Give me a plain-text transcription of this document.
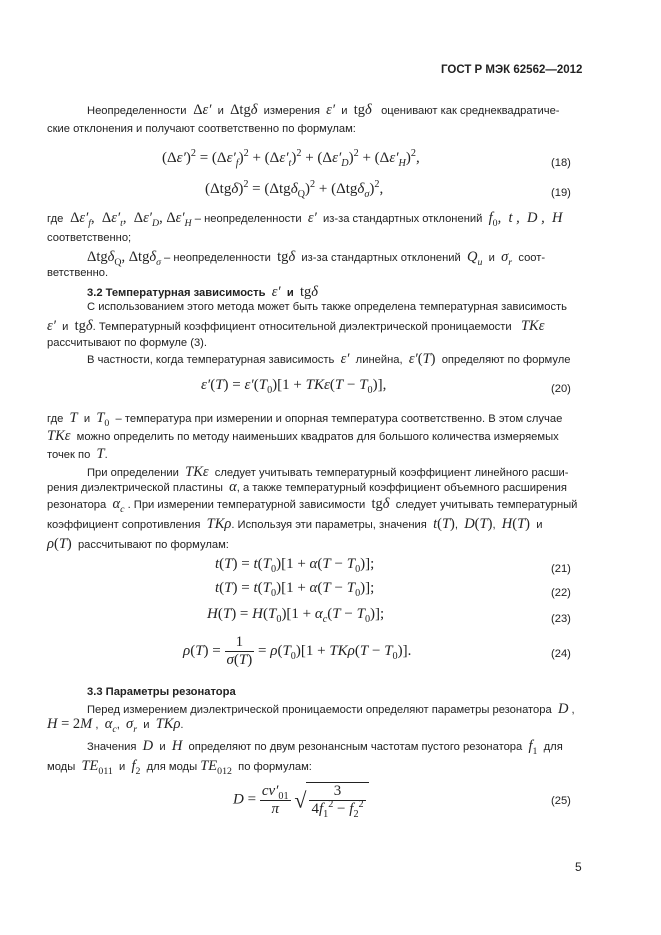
ГОСТ Р МЭК 62562—2012
Неопределенности  Δε′ и Δtgδ измерения ε′ и tgδ оценивают как среднеквадратиче-
ские отклонения и получают соответственно по формулам:
$(\Delta\varepsilon')^2 = (\Delta\varepsilon'_f)^2 + (\Delta\varepsilon'_t)^2 + (\Delta\varepsilon'_D)^2 + (\Delta\varepsilon'_H)^2$,	(18)
$(\Delta tg\delta)^2 = (\Delta tg\delta_Q)^2 + (\Delta tg\delta_\sigma)^2$,	(19)
где  $\Delta\varepsilon'_f$,  $\Delta\varepsilon'_t$,  $\Delta\varepsilon'_D$, $\Delta\varepsilon'_H$ – неопределенности ε′ из-за стандартных отклонений $f_0$,  t ,  D ,  H
соответственно;
Δtgδ$_Q$, Δtgδ$_\sigma$ – неопределенности tgδ из-за стандартных отклонений $Q_u$ и $\sigma_r$ соот-
ветственно.
3.2 Температурная зависимость ε′ и tgδ
С использованием этого метода может быть также определена температурная зависимость
ε′ и tgδ. Температурный коэффициент относительной диэлектрической проницаемости TKε
рассчитывают по формуле (3).
В частности, когда температурная зависимость ε′ линейна, ε′(T) определяют по формуле
$\varepsilon'(T) = \varepsilon'(T_0)[1 + TK\varepsilon(T - T_0)]$,	(20)
где T и $T_0$ – температура при измерении и опорная температура соответственно. В этом случае
TKε можно определить по методу наименьших квадратов для большого количества измеряемых
точек по T.
При определении TKε следует учитывать температурный коэффициент линейного расши-
рения диэлектрической пластины α, а также температурный коэффициент объемного расширения
резонатора $\alpha_c$ . При измерении температурной зависимости tgδ следует учитывать температурный
коэффициент сопротивления TKρ. Используя эти параметры, значения t(T),  D(T),  H(T) и
ρ(T) рассчитывают по формулам:
$t(T) = t(T_0)[1 + \alpha(T - T_0)]$;	(21)
$t(T) = t(T_0)[1 + \alpha(T - T_0)]$;	(22)
$H(T) = H(T_0)[1 + \alpha_c(T - T_0)]$;	(23)
$\rho(T) = \frac{1}{\sigma(T)} = \rho(T_0)[1 + TK\rho(T - T_0)]$.	(24)
3.3 Параметры резонатора
Перед измерением диэлектрической проницаемости определяют параметры резонатора D ,
H = 2M ,  $\alpha_c$,  $\sigma_r$ и TKρ.
Значения D и H определяют по двум резонансным частотам пустого резонатора $f_1$ для
моды $TE_{011}$ и $f_2$ для моды $TE_{012}$ по формулам:
$D = \frac{cv'_{01}}{\pi}$ √ $\frac{3}{4f_1^2 - f_2^2}$	(25)
5
